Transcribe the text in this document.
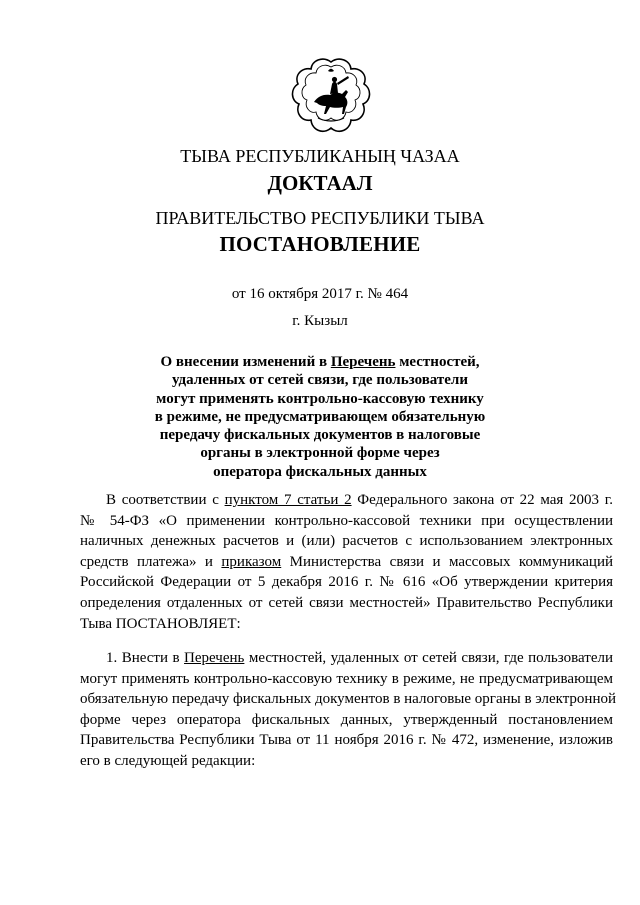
ТЫВА РЕСПУБЛИКАНЫҢ ЧАЗАА
ДОКТААЛ
ПРАВИТЕЛЬСТВО РЕСПУБЛИКИ ТЫВА
ПОСТАНОВЛЕНИЕ
от 16 октября 2017 г. № 464
г. Кызыл
О внесении изменений в Перечень местностей,
удаленных от сетей связи, где пользователи
могут применять контрольно-кассовую технику
в режиме, не предусматривающем обязательную
передачу фискальных документов в налоговые
органы в электронной форме через
оператора фискальных данных
В соответствии с пунктом 7 статьи 2 Федерального закона от 22 мая 2003 г.
№ 54-ФЗ «О применении контрольно-кассовой техники при осуществлении
наличных денежных расчетов и (или) расчетов с использованием электронных
средств платежа» и приказом Министерства связи и массовых коммуникаций
Российской Федерации от 5 декабря 2016 г. № 616 «Об утверждении критерия
определения отдаленных от сетей связи местностей» Правительство Республики
Тыва ПОСТАНОВЛЯЕТ:
1. Внести в Перечень местностей, удаленных от сетей связи, где пользователи
могут применять контрольно-кассовую технику в режиме, не предусматривающем
обязательную передачу фискальных документов в налоговые органы в электронной
форме через оператора фискальных данных, утвержденный постановлением
Правительства Республики Тыва от 11 ноября 2016 г. № 472, изменение, изложив
его в следующей редакции:
